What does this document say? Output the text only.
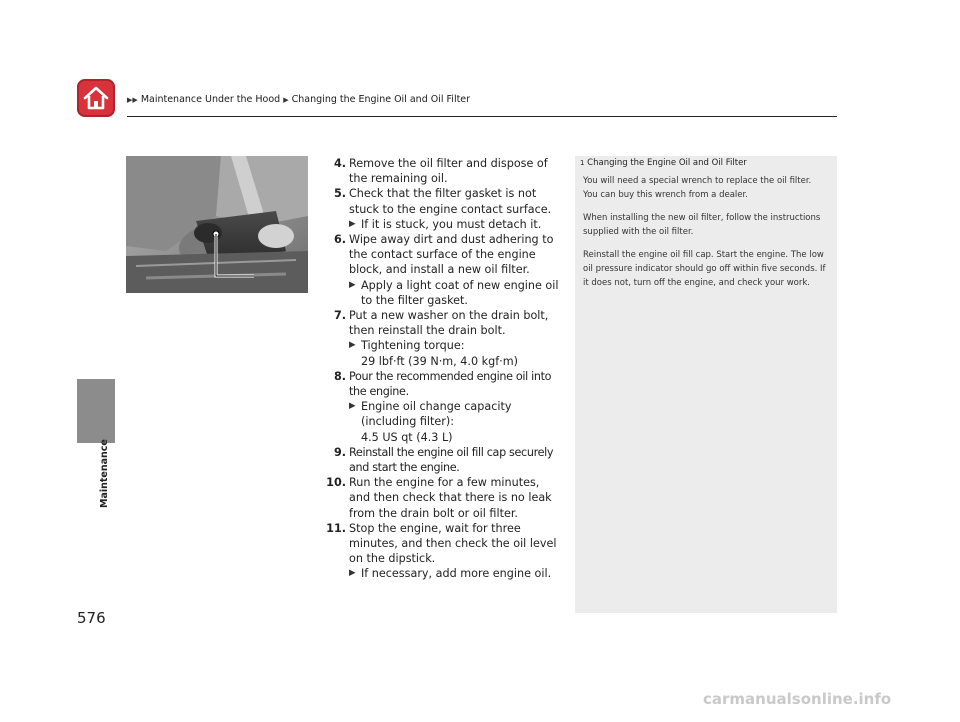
▶▶ Maintenance Under the Hood ▶ Changing the Engine Oil and Oil Filter
Maintenance
576
4. Remove the oil filter and dispose of the remaining oil.
5. Check that the filter gasket is not stuck to the engine contact surface.
▶ If it is stuck, you must detach it.
6. Wipe away dirt and dust adhering to the contact surface of the engine block, and install a new oil filter.
▶ Apply a light coat of new engine oil to the filter gasket.
7. Put a new washer on the drain bolt, then reinstall the drain bolt.
▶ Tightening torque:
29 lbf·ft (39 N·m, 4.0 kgf·m)
8. Pour the recommended engine oil into the engine.
▶ Engine oil change capacity (including filter):
4.5 US qt (4.3 L)
9. Reinstall the engine oil fill cap securely and start the engine.
10. Run the engine for a few minutes, and then check that there is no leak from the drain bolt or oil filter.
11. Stop the engine, wait for three minutes, and then check the oil level on the dipstick.
▶ If necessary, add more engine oil.
1 Changing the Engine Oil and Oil Filter

You will need a special wrench to replace the oil filter. You can buy this wrench from a dealer.

When installing the new oil filter, follow the instructions supplied with the oil filter.

Reinstall the engine oil fill cap. Start the engine. The low oil pressure indicator should go off within five seconds. If it does not, turn off the engine, and check your work.

carmanualsonline.info
